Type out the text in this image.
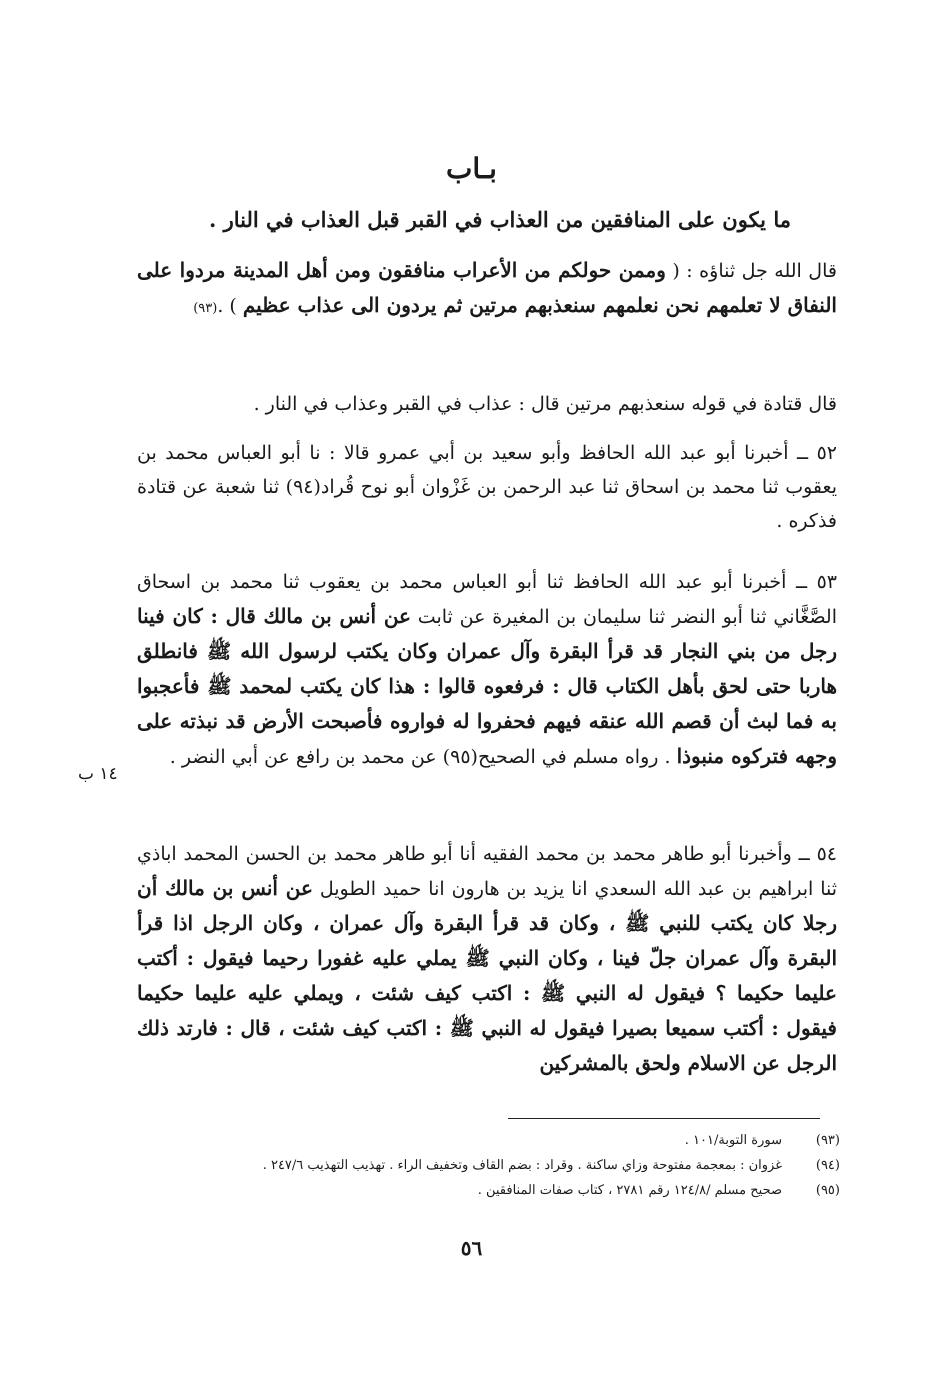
بـاب
ما يكون على المنافقين من العذاب في القبر قبل العذاب في النار .
قال الله جل ثناؤه : ( وممن حولكم من الأعراب منافقون ومن أهل المدينة مردوا على النفاق لا تعلمهم نحن نعلمهم سنعذبهم مرتين ثم يردون الى عذاب عظيم ) .(٩٣)
قال قتادة في قوله سنعذبهم مرتين قال : عذاب في القبر وعذاب في النار .
٥٢ ــ أخبرنا أبو عبد الله الحافظ وأبو سعيد بن أبي عمرو قالا : نا أبو العباس محمد بن يعقوب ثنا محمد بن اسحاق ثنا عبد الرحمن بن غَزْوان أبو نوح قُراد(٩٤) ثنا شعبة عن قتادة فذكره .
٥٣ ــ أخبرنا أبو عبد الله الحافظ ثنا أبو العباس محمد بن يعقوب ثنا محمد بن اسحاق الصَّغَّاني ثنا أبو النضر ثنا سليمان بن المغيرة عن ثابت عن أنس بن مالك قال : كان فينا رجل من بني النجار قد قرأ البقرة وآل عمران وكان يكتب لرسول الله ﷺ فانطلق هاربا حتى لحق بأهل الكتاب قال : فرفعوه قالوا : هذا كان يكتب لمحمد ﷺ فأعجبوا به فما لبث أن قصم الله عنقه فيهم فحفروا له فواروه فأصبحت الأرض قد نبذته على وجهه فتركوه منبوذا . رواه مسلم في الصحيح(٩٥) عن محمد بن رافع عن أبي النضر .
١٤ ب
٥٤ ــ وأخبرنا أبو طاهر محمد بن محمد الفقيه أنا أبو طاهر محمد بن الحسن المحمد اباذي ثنا ابراهيم بن عبد الله السعدي انا يزيد بن هارون انا حميد الطويل عن أنس بن مالك أن رجلا كان يكتب للنبي ﷺ ، وكان قد قرأ البقرة وآل عمران ، وكان الرجل اذا قرأ البقرة وآل عمران جلّ فينا ، وكان النبي ﷺ يملي عليه غفورا رحيما فيقول : أكتب عليما حكيما ؟ فيقول له النبي ﷺ : اكتب كيف شئت ، ويملي عليه عليما حكيما فيقول : أكتب سميعا بصيرا فيقول له النبي ﷺ : اكتب كيف شئت ، قال : فارتد ذلك الرجل عن الاسلام ولحق بالمشركين
(٩٣)
سورة التوبة/١٠١ .
(٩٤)
غزوان : بمعجمة مفتوحة وزاي ساكنة . وقراد : بضم القاف وتخفيف الراء . تهذيب التهذيب ٢٤٧/٦ .
(٩٥)
صحيح مسلم /١٢٤/٨ رقم ٢٧٨١ ، كتاب صفات المنافقين .
٥٦
